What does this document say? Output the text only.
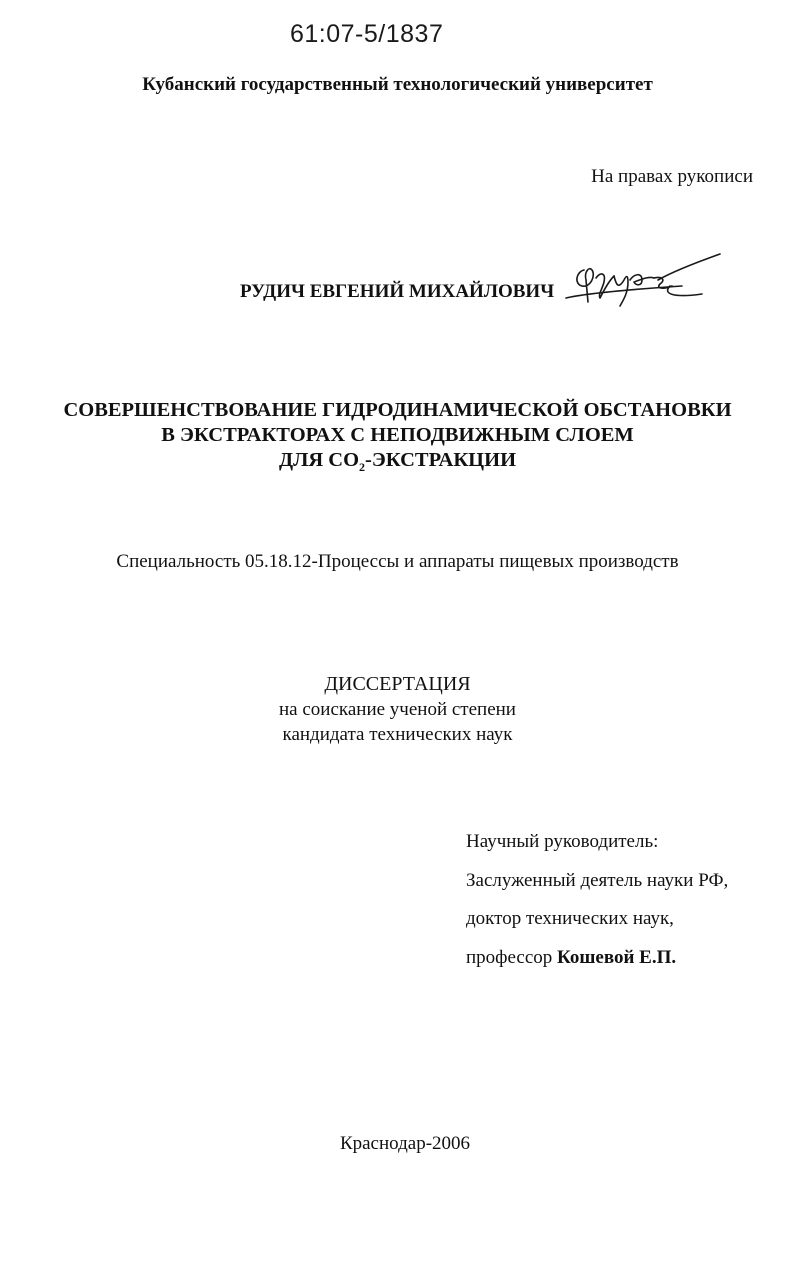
61:07-5/1837
Кубанский государственный технологический университет
На правах рукописи
РУДИЧ ЕВГЕНИЙ МИХАЙЛОВИЧ
СОВЕРШЕНСТВОВАНИЕ ГИДРОДИНАМИЧЕСКОЙ ОБСТАНОВКИ
В ЭКСТРАКТОРАХ С НЕПОДВИЖНЫМ СЛОЕМ
ДЛЯ $СО_2$-ЭКСТРАКЦИИ
Специальность 05.18.12-Процессы и аппараты пищевых производств
ДИССЕРТАЦИЯ
на соискание ученой степени
кандидата технических наук
Научный руководитель:
Заслуженный деятель науки РФ,
доктор технических наук,
профессор Кошевой Е.П.
Краснодар-2006
